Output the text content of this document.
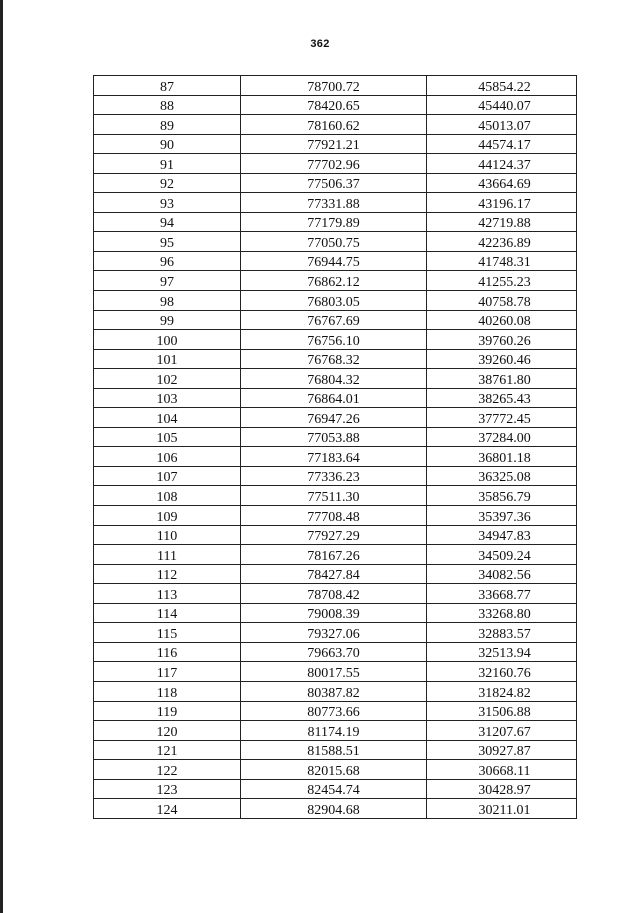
362
87	78700.72	45854.22
88	78420.65	45440.07
89	78160.62	45013.07
90	77921.21	44574.17
91	77702.96	44124.37
92	77506.37	43664.69
93	77331.88	43196.17
94	77179.89	42719.88
95	77050.75	42236.89
96	76944.75	41748.31
97	76862.12	41255.23
98	76803.05	40758.78
99	76767.69	40260.08
100	76756.10	39760.26
101	76768.32	39260.46
102	76804.32	38761.80
103	76864.01	38265.43
104	76947.26	37772.45
105	77053.88	37284.00
106	77183.64	36801.18
107	77336.23	36325.08
108	77511.30	35856.79
109	77708.48	35397.36
110	77927.29	34947.83
111	78167.26	34509.24
112	78427.84	34082.56
113	78708.42	33668.77
114	79008.39	33268.80
115	79327.06	32883.57
116	79663.70	32513.94
117	80017.55	32160.76
118	80387.82	31824.82
119	80773.66	31506.88
120	81174.19	31207.67
121	81588.51	30927.87
122	82015.68	30668.11
123	82454.74	30428.97
124	82904.68	30211.01
